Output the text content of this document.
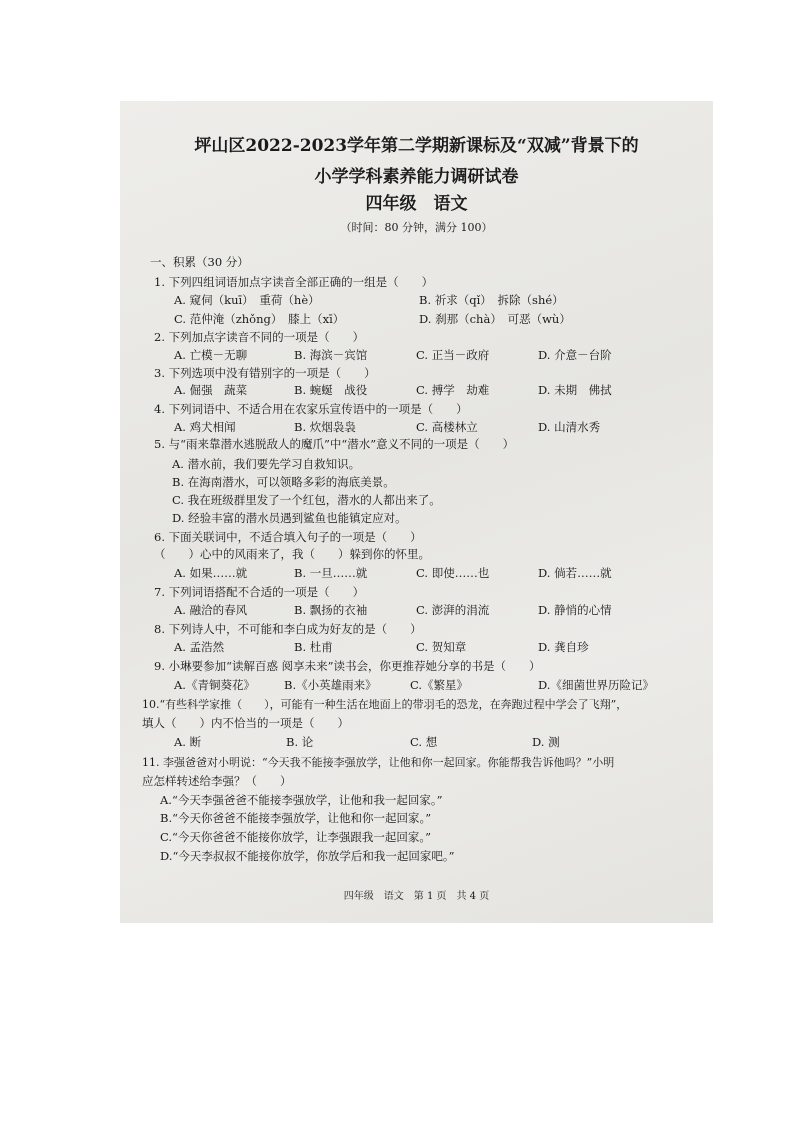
坪山区2022-2023学年第二学期新课标及“双减”背景下的
小学学科素养能力调研试卷
四年级　语文
（时间：80 分钟，满分 100）
一、积累（30 分）
1. 下列四组词语加点字读音全部正确的一组是（　　）
A. 窥伺（kuī）　重荷（hè）	B. 祈求（qǐ）　拆除（shé）
C. 范仲淹（zhǒng）　膝上（xī）	D. 刹那（chà）　可恶（wù）
2. 下列加点字读音不同的一项是（　　）
A. 亡模－无聊	B. 海滨－宾馆	C. 正当－政府	D. 介意－台阶
3. 下列选项中没有错别字的一项是（　　）
A. 倔强　蔬菜	B. 蜿蜒　战役	C. 搏学　劫难	D. 未期　佛拭
4. 下列词语中、不适合用在农家乐宣传语中的一项是（　　）
A. 鸡犬相闻	B. 炊烟袅袅	C. 高楼林立	D. 山清水秀
5. 与“雨来靠潜水逃脱敌人的魔爪”中“潜水”意义不同的一项是（　　）
A. 潜水前，我们要先学习自救知识。
B. 在海南潜水，可以领略多彩的海底美景。
C. 我在班级群里发了一个红包，潜水的人都出来了。
D. 经验丰富的潜水员遇到鲨鱼也能镇定应对。
6. 下面关联词中，不适合填入句子的一项是（　　）
（　　）心中的风雨来了，我（　　）躲到你的怀里。
A. 如果……就	B. 一旦……就	C. 即使……也	D. 倘若……就
7. 下列词语搭配不合适的一项是（　　）
A. 融洽的春风	B. 飘扬的衣袖	C. 澎湃的涓流	D. 静悄的心情
8. 下列诗人中，不可能和李白成为好友的是（　　）
A. 孟浩然	B. 杜甫	C. 贺知章	D. 龚自珍
9. 小琳要参加“读解百惑 阅享未来”读书会，你更推荐她分享的书是（　　）
A.《青铜葵花》	B.《小英雄雨来》	C.《繁星》	D.《细菌世界历险记》
10.“有些科学家推（　　），可能有一种生活在地面上的带羽毛的恐龙，在奔跑过程中学会了飞翔”，
填人（　　）内不恰当的一项是（　　）
A. 断	B. 论	C. 想	D. 测
11. 李强爸爸对小明说：“今天我不能接李强放学，让他和你一起回家。你能帮我告诉他吗？”小明
应怎样转述给李强？（　　）
A.“今天李强爸爸不能接李强放学，让他和我一起回家。”
B.“今天你爸爸不能接李强放学，让他和你一起回家。”
C.“今天你爸爸不能接你放学，让李强跟我一起回家。”
D.“今天李叔叔不能接你放学，你放学后和我一起回家吧。”
四年级　语文　第 1 页　共 4 页
